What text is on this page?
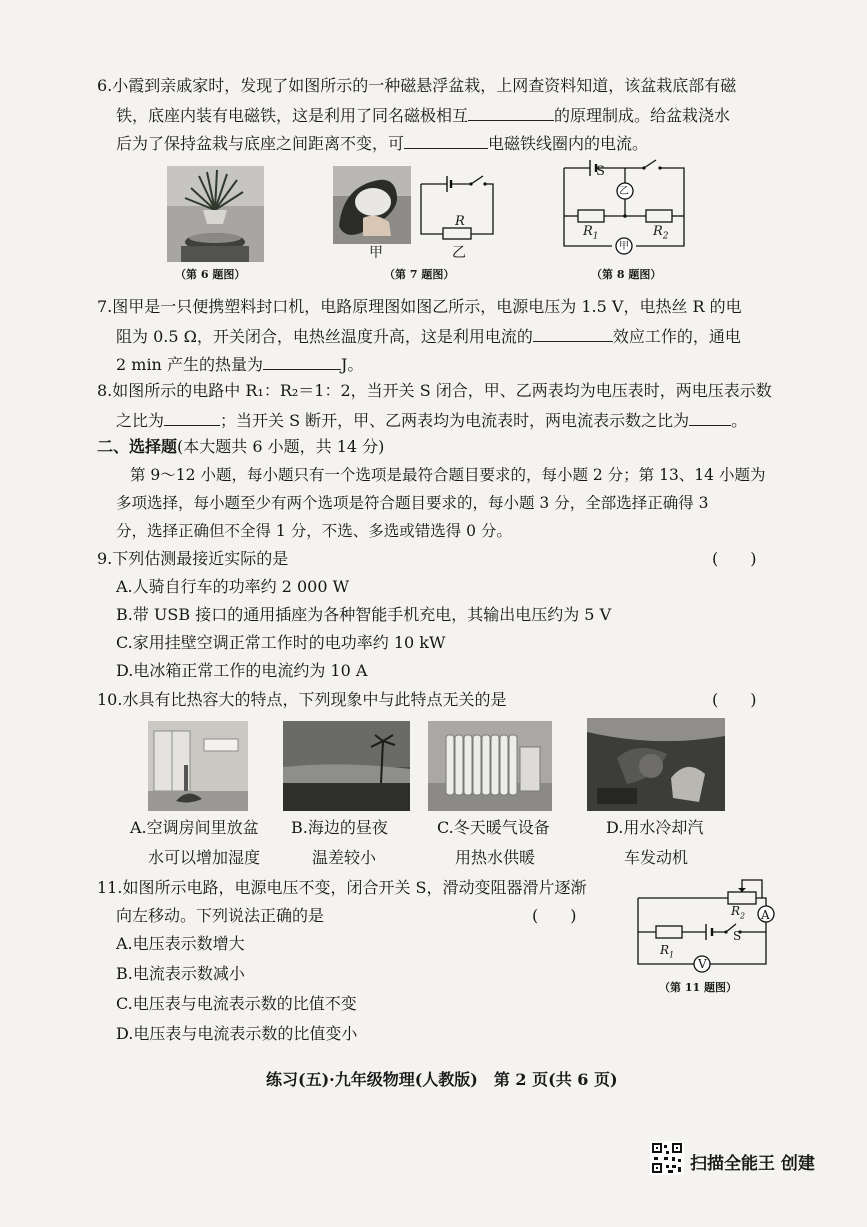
6.小霞到亲戚家时，发现了如图所示的一种磁悬浮盆栽，上网查资料知道，该盆栽底部有磁
铁，底座内装有电磁铁，这是利用了同名磁极相互	的原理制成。给盆栽浇水
后为了保持盆栽与底座之间距离不变，可	电磁铁线圈内的电流。
（第 6 题图）
甲
R
乙
（第 7 题图）
S
乙
甲
$R_1$	$R_2$
（第 8 题图）
7.图甲是一只便携塑料封口机，电路原理图如图乙所示，电源电压为 1.5 V，电热丝 R 的电
阻为 0.5 Ω，开关闭合，电热丝温度升高，这是利用电流的	效应工作的，通电
2 min 产生的热量为	J。
8.如图所示的电路中 R₁：R₂＝1：2，当开关 S 闭合，甲、乙两表均为电压表时，两电压表示数
之比为	；当开关 S 断开，甲、乙两表均为电流表时，两电流表示数之比为	。
二、选择题(本大题共 6 小题，共 14 分)
第 9～12 小题，每小题只有一个选项是最符合题目要求的，每小题 2 分；第 13、14 小题为
多项选择，每小题至少有两个选项是符合题目要求的，每小题 3 分，全部选择正确得 3
分，选择正确但不全得 1 分，不选、多选或错选得 0 分。
9.下列估测最接近实际的是	(　　)
A.人骑自行车的功率约 2 000 W
B.带 USB 接口的通用插座为各种智能手机充电，其输出电压约为 5 V
C.家用挂壁空调正常工作时的电功率约 10 kW
D.电冰箱正常工作的电流约为 10 A
10.水具有比热容大的特点，下列现象中与此特点无关的是	(　　)
A.空调房间里放盆
水可以增加湿度
B.海边的昼夜
温差较小
C.冬天暖气设备
用热水供暖
D.用水冷却汽
车发动机
11.如图所示电路，电源电压不变，闭合开关 S，滑动变阻器滑片逐渐
向左移动。下列说法正确的是	(　　)
A.电压表示数增大
B.电流表示数减小
C.电压表与电流表示数的比值不变
D.电压表与电流表示数的比值变小
A
V
$R_2$
$R_1$
S
（第 11 题图）
练习(五)·九年级物理(人教版)　第 2 页(共 6 页)
扫描全能王 创建
